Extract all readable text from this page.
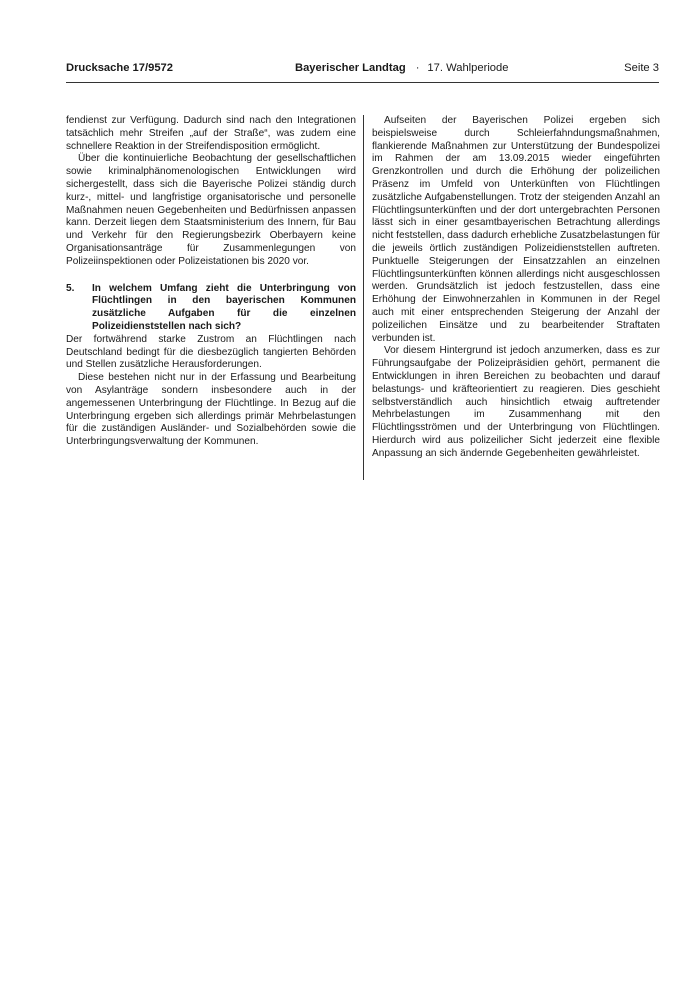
Drucksache 17/9572	Bayerischer Landtag · 17. Wahlperiode	Seite 3

fendienst zur Verfügung. Dadurch sind nach den Integrationen tatsächlich mehr Streifen „auf der Straße“, was zudem eine schnellere Reaktion in der Streifendisposition ermöglicht.

Über die kontinuierliche Beobachtung der gesellschaftlichen sowie kriminalphänomenologischen Entwicklungen wird sichergestellt, dass sich die Bayerische Polizei ständig durch kurz-, mittel- und langfristige organisatorische und personelle Maßnahmen neuen Gegebenheiten und Bedürfnissen anpassen kann. Derzeit liegen dem Staatsministerium des Innern, für Bau und Verkehr für den Regierungsbezirk Oberbayern keine Organisationsanträge für Zusammenlegungen von Polizeiinspektionen oder Polizeistationen bis 2020 vor.

5.	In welchem Umfang zieht die Unterbringung von Flüchtlingen in den bayerischen Kommunen zusätzliche Aufgaben für die einzelnen Polizeidienststellen nach sich?

Der fortwährend starke Zustrom an Flüchtlingen nach Deutschland bedingt für die diesbezüglich tangierten Behörden und Stellen zusätzliche Herausforderungen.

Diese bestehen nicht nur in der Erfassung und Bearbeitung von Asylanträge sondern insbesondere auch in der angemessenen Unterbringung der Flüchtlinge. In Bezug auf die Unterbringung ergeben sich allerdings primär Mehrbelastungen für die zuständigen Ausländer- und Sozialbehörden sowie die Unterbringungsverwaltung der Kommunen.

Aufseiten der Bayerischen Polizei ergeben sich beispielsweise durch Schleierfahndungsmaßnahmen, flankierende Maßnahmen zur Unterstützung der Bundespolizei im Rahmen der am 13.09.2015 wieder eingeführten Grenzkontrollen und durch die Erhöhung der polizeilichen Präsenz im Umfeld von Unterkünften von Flüchtlingen zusätzliche Aufgabenstellungen. Trotz der steigenden Anzahl an Flüchtlingsunterkünften und der dort untergebrachten Personen lässt sich in einer gesamtbayerischen Betrachtung allerdings nicht feststellen, dass dadurch erhebliche Zusatzbelastungen für die jeweils örtlich zuständigen Polizeidienststellen auftreten. Punktuelle Steigerungen der Einsatzzahlen an einzelnen Flüchtlingsunterkünften können allerdings nicht ausgeschlossen werden. Grundsätzlich ist jedoch festzustellen, dass eine Erhöhung der Einwohnerzahlen in Kommunen in der Regel auch mit einer entsprechenden Steigerung der Anzahl der polizeilichen Einsätze und zu bearbeitender Straftaten verbunden ist.

Vor diesem Hintergrund ist jedoch anzumerken, dass es zur Führungsaufgabe der Polizeipräsidien gehört, permanent die Entwicklungen in ihren Bereichen zu beobachten und darauf belastungs- und kräfteorientiert zu reagieren. Dies geschieht selbstverständlich auch hinsichtlich etwaig auftretender Mehrbelastungen im Zusammenhang mit den Flüchtlingsströmen und der Unterbringung von Flüchtlingen. Hierdurch wird aus polizeilicher Sicht jederzeit eine flexible Anpassung an sich ändernde Gegebenheiten gewährleistet.
